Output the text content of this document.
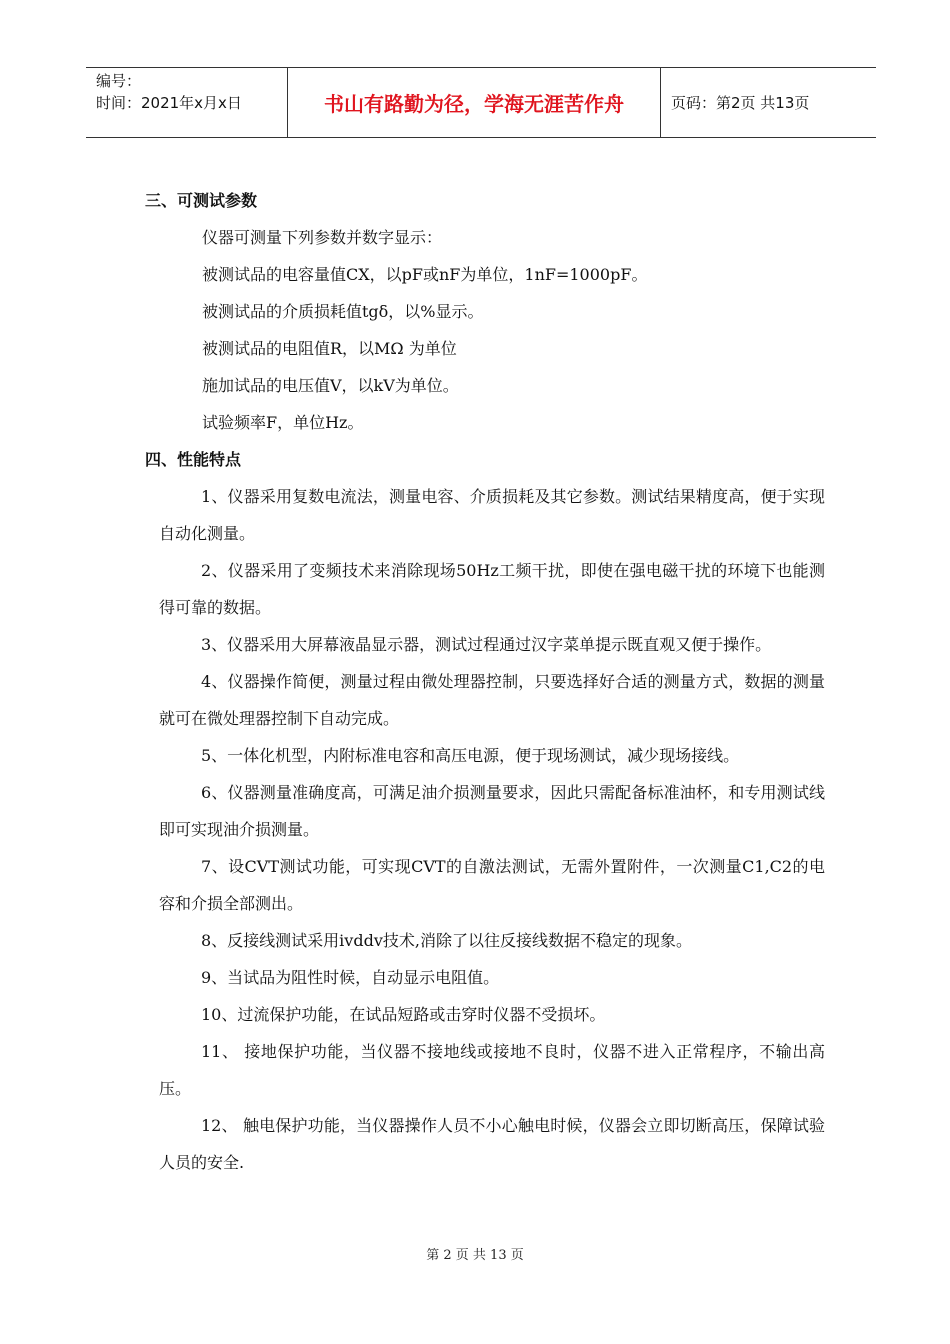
编号：
时间：2021年x月x日	书山有路勤为径，学海无涯苦作舟	页码：第2页 共13页
三、可测试参数

仪器可测量下列参数并数字显示：

被测试品的电容量值CX，以pF或nF为单位，1nF=1000pF。

被测试品的介质损耗值tgδ，以%显示。

被测试品的电阻值R，以MΩ 为单位

施加试品的电压值V，以kV为单位。

试验频率F，单位Hz。

四、性能特点

1、仪器采用复数电流法，测量电容、介质损耗及其它参数。测试结果精度高，便于实现自动化测量。

2、仪器采用了变频技术来消除现场50Hz工频干扰，即使在强电磁干扰的环境下也能测得可靠的数据。

3、仪器采用大屏幕液晶显示器，测试过程通过汉字菜单提示既直观又便于操作。

4、仪器操作简便，测量过程由微处理器控制，只要选择好合适的测量方式，数据的测量就可在微处理器控制下自动完成。

5、一体化机型，内附标准电容和高压电源，便于现场测试，减少现场接线。

6、仪器测量准确度高，可满足油介损测量要求，因此只需配备标准油杯，和专用测试线即可实现油介损测量。

7、设CVT测试功能，可实现CVT的自激法测试，无需外置附件，一次测量C1,C2的电容和介损全部测出。

8、反接线测试采用ivddv技术,消除了以往反接线数据不稳定的现象。

9、当试品为阻性时候，自动显示电阻值。

10、过流保护功能，在试品短路或击穿时仪器不受损坏。

11、 接地保护功能，当仪器不接地线或接地不良时，仪器不进入正常程序，不输出高压。

12、 触电保护功能，当仪器操作人员不小心触电时候，仪器会立即切断高压，保障试验人员的安全.

第 2 页 共 13 页
